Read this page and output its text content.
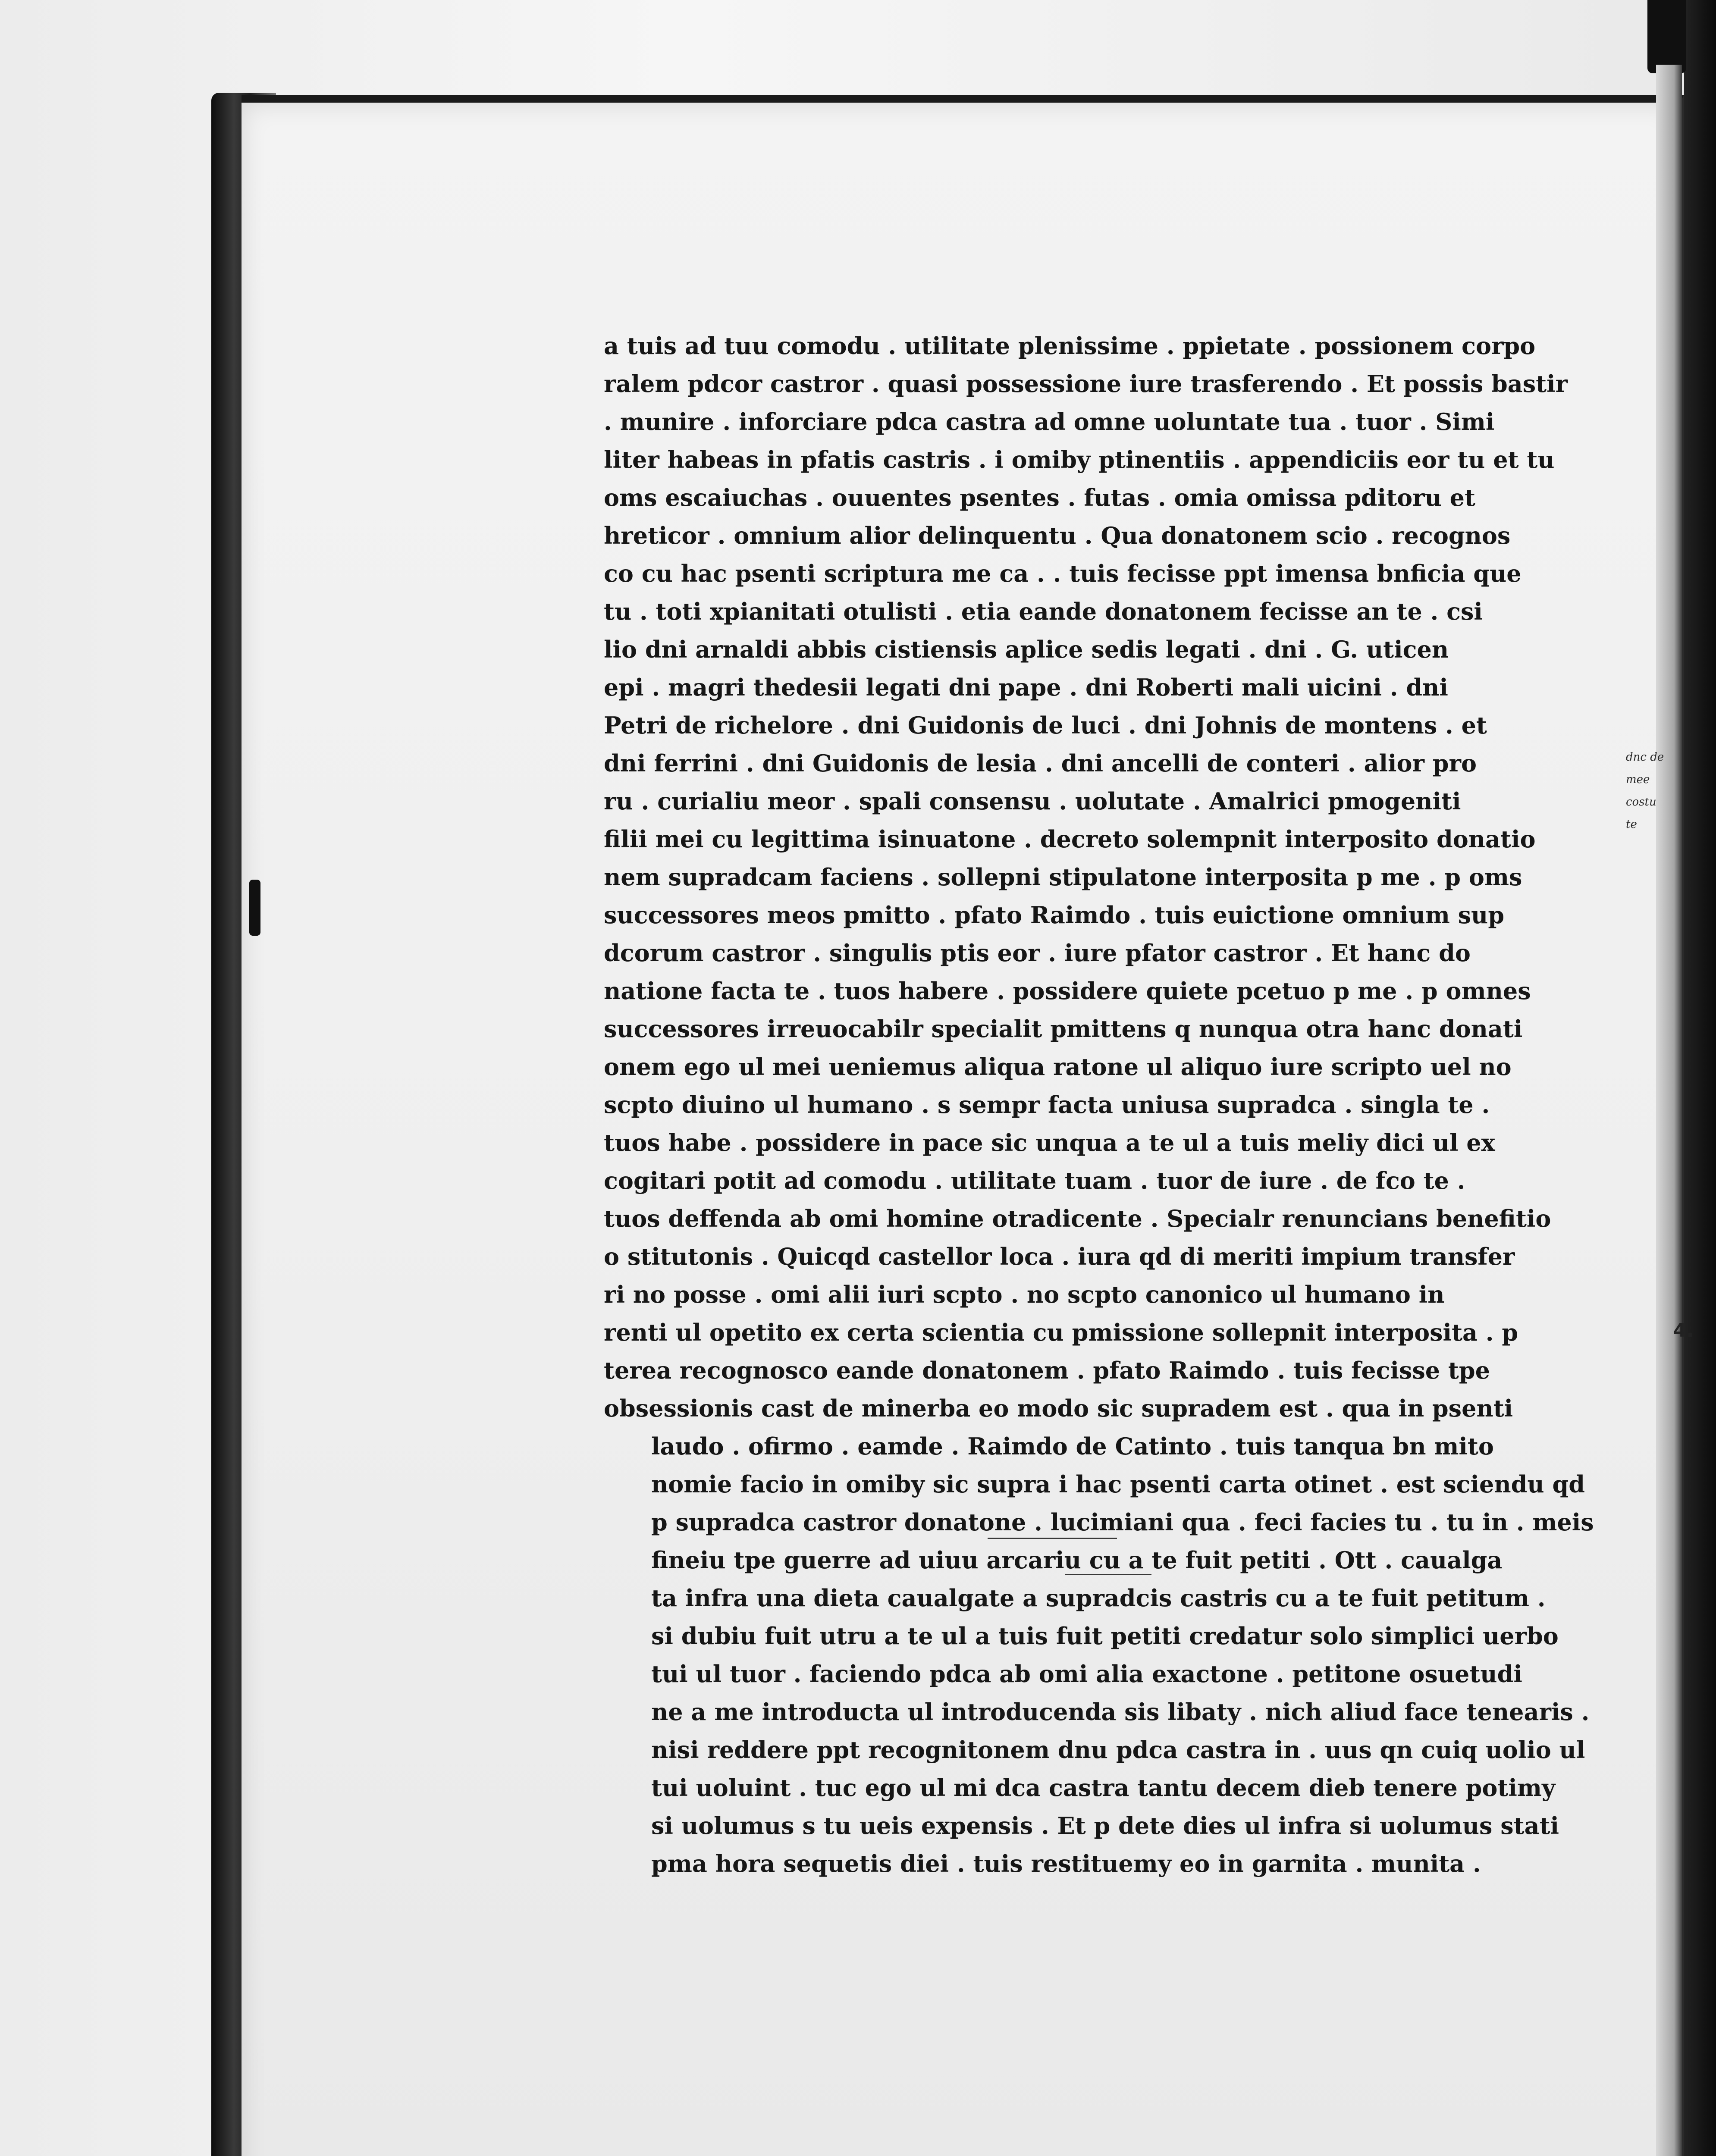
a tuis ad tuu comodu . utilitate plenissime . ppietate . possionem corpo
ralem pdcor castror . quasi possessione iure trasferendo . Et possis bastir
. munire . inforciare pdca castra ad omne uoluntate tua . tuor . Simi
liter habeas in pfatis castris . i omiby ptinentiis . appendiciis eor tu et tu
oms escaiuchas . ouuentes psentes . futas . omia omissa pditoru et
hreticor . omnium alior delinquentu . Qua donatonem scio . recognos
co cu hac psenti scriptura me ca . . tuis fecisse ppt imensa bnficia que
tu . toti xpianitati otulisti . etia eande donatonem fecisse an te . csi
lio dni arnaldi abbis cistiensis aplice sedis legati . dni . G. uticen
epi . magri thedesii legati dni pape . dni Roberti mali uicini . dni
Petri de richelore . dni Guidonis de luci . dni Johnis de montens . et
dni ferrini . dni Guidonis de lesia . dni ancelli de conteri . alior pro
ru . curialiu meor . spali consensu . uolutate . Amalrici pmogeniti
filii mei cu legittima isinuatone . decreto solempnit interposito donatio
nem supradcam faciens . sollepni stipulatone interposita p me . p oms
successores meos pmitto . pfato Raimdo . tuis euictione omnium sup
dcorum castror . singulis ptis eor . iure pfator castror . Et hanc do
natione facta te . tuos habere . possidere quiete pcetuo p me . p omnes
successores irreuocabilr specialit pmittens q nunqua otra hanc donati
onem ego ul mei ueniemus aliqua ratone ul aliquo iure scripto uel no
scpto diuino ul humano . s sempr facta uniusa supradca . singla te .
tuos habe . possidere in pace sic unqua a te ul a tuis meliy dici ul ex
cogitari potit ad comodu . utilitate tuam . tuor de iure . de fco te .
tuos deffenda ab omi homine otradicente . Specialr renuncians benefitio
o stitutonis . Quicqd castellor loca . iura qd di meriti impium transfer
ri no posse . omi alii iuri scpto . no scpto canonico ul humano in
renti ul opetito ex certa scientia cu pmissione sollepnit interposita . p
terea recognosco eande donatonem . pfato Raimdo . tuis fecisse tpe
obsessionis cast de minerba eo modo sic supradem est . qua in psenti
laudo . ofirmo . eamde . Raimdo de Catinto . tuis tanqua bn mito
nomie facio in omiby sic supra i hac psenti carta otinet . est sciendu qd
p supradca castror donatone . lucimiani qua . feci facies tu . tu in . meis
fineiu tpe guerre ad uiuu arcariu cu a te fuit petiti . Ott . caualga
ta infra una dieta caualgate a supradcis castris cu a te fuit petitum .
si dubiu fuit utru a te ul a tuis fuit petiti credatur solo simplici uerbo
tui ul tuor . faciendo pdca ab omi alia exactone . petitone osuetudi
ne a me introducta ul introducenda sis libaty . nich aliud face tenearis .
nisi reddere ppt recognitonem dnu pdca castra in . uus qn cuiq uolio ul
tui uoluint . tuc ego ul mi dca castra tantu decem dieb tenere potimy
si uolumus s tu ueis expensis . Et p dete dies ul infra si uolumus stati
pma hora sequetis diei . tuis restituemy eo in garnita . munita .
dnc de
mee
costu
te
4.
